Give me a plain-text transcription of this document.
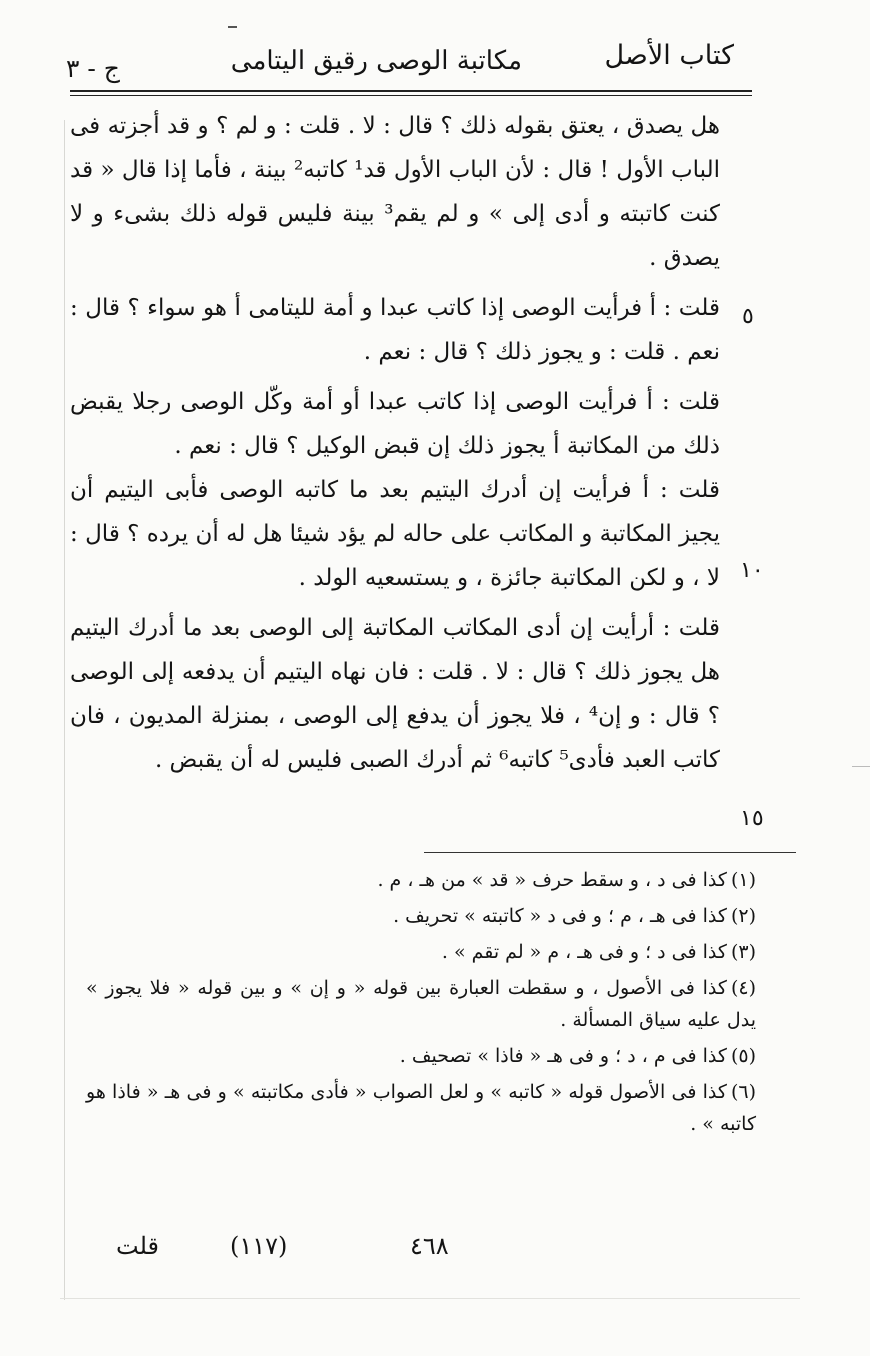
كتاب الأصل
مكاتبة الوصى رقيق اليتامى
ج - ٣

هل يصدق ، يعتق بقوله ذلك ؟ قال : لا . قلت : و لم ؟ و قد أجزته فى الباب الأول ! قال : لأن الباب الأول قد¹ كاتبه² بينة ، فأما إذا قال « قد كنت كاتبته و أدى إلى » و لم يقم³ بينة فليس قوله ذلك بشىء و لا يصدق .

قلت : أ فرأيت الوصى إذا كاتب عبدا و أمة لليتامى أ هو سواء ؟ قال : نعم . قلت : و يجوز ذلك ؟ قال : نعم .

قلت : أ فرأيت الوصى إذا كاتب عبدا أو أمة وكّل الوصى رجلا يقبض ذلك من المكاتبة أ يجوز ذلك إن قبض الوكيل ؟ قال : نعم .

قلت : أ فرأيت إن أدرك اليتيم بعد ما كاتبه الوصى فأبى اليتيم أن يجيز المكاتبة و المكاتب على حاله لم يؤد شيئا هل له أن يرده ؟ قال : لا ، و لكن المكاتبة جائزة ، و يستسعيه الولد .

قلت : أرأيت إن أدى المكاتب المكاتبة إلى الوصى بعد ما أدرك اليتيم هل يجوز ذلك ؟ قال : لا . قلت : فان نهاه اليتيم أن يدفعه إلى الوصى ؟ قال : و إن⁴ ، فلا يجوز أن يدفع إلى الوصى ، بمنزلة المديون ، فان كاتب العبد فأدى⁵ كاتبه⁶ ثم أدرك الصبى فليس له أن يقبض .

٥
١٠
١٥

(١)كذا فى د ، و سقط حرف « قد » من هـ ، م .

(٢)كذا فى هـ ، م ؛ و فى د « كاتبته » تحريف .

(٣)كذا فى د ؛ و فى هـ ، م « لم تقم » .

(٤)كذا فى الأصول ، و سقطت العبارة بين قوله « و إن » و بين قوله « فلا يجوز » يدل عليه سياق المسألة .

(٥)كذا فى م ، د ؛ و فى هـ « فاذا » تصحيف .

(٦)كذا فى الأصول قوله « كاتبه » و لعل الصواب « فأدى مكاتبته » و فى هـ « فاذا هو كاتبه » .

قلت	(١١٧)	٤٦٨
